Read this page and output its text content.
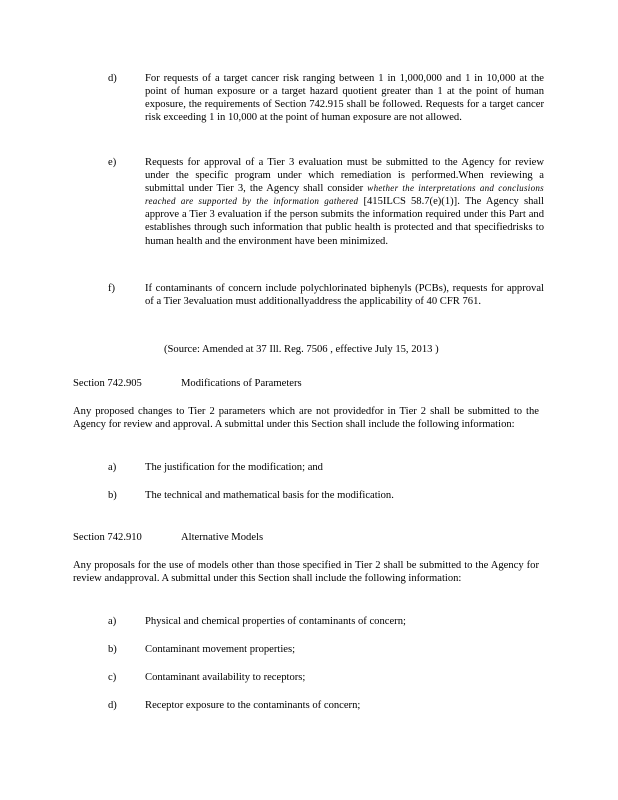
d)	For requests of a target cancer risk ranging between 1 in 1,000,000 and 1 in 10,000 at the point of human exposure or a target hazard quotient greater than 1 at the point of human exposure, the requirements of Section 742.915 shall be followed. Requests for a target cancer risk exceeding 1 in 10,000 at the point of human exposure are not allowed.
e)	Requests for approval of a Tier 3 evaluation must be submitted to the Agency for review under the specific program under which remediation is performed.When reviewing a submittal under Tier 3, the Agency shall consider whether the interpretations and conclusions reached are supported by the information gathered [415ILCS 58.7(e)(1)]. The Agency shall approve a Tier 3 evaluation if the person submits the information required under this Part and establishes through such information that public health is protected and that specifiedrisks to human health and the environment have been minimized.
f)	If contaminants of concern include polychlorinated biphenyls (PCBs), requests for approval of a Tier 3evaluation must additionallyaddress the applicability of 40 CFR 761.
(Source: Amended at 37 Ill. Reg. 7506 , effective July 15, 2013 )
Section 742.905	Modifications of Parameters
Any proposed changes to Tier 2 parameters which are not providedfor in Tier 2 shall be submitted to the Agency for review and approval. A submittal under this Section shall include the following information:
a)	The justification for the modification; and
b)	The technical and mathematical basis for the modification.
Section 742.910	Alternative Models
Any proposals for the use of models other than those specified in Tier 2 shall be submitted to the Agency for review andapproval. A submittal under this Section shall include the following information:
a)	Physical and chemical properties of contaminants of concern;
b)	Contaminant movement properties;
c)	Contaminant availability to receptors;
d)	Receptor exposure to the contaminants of concern;
